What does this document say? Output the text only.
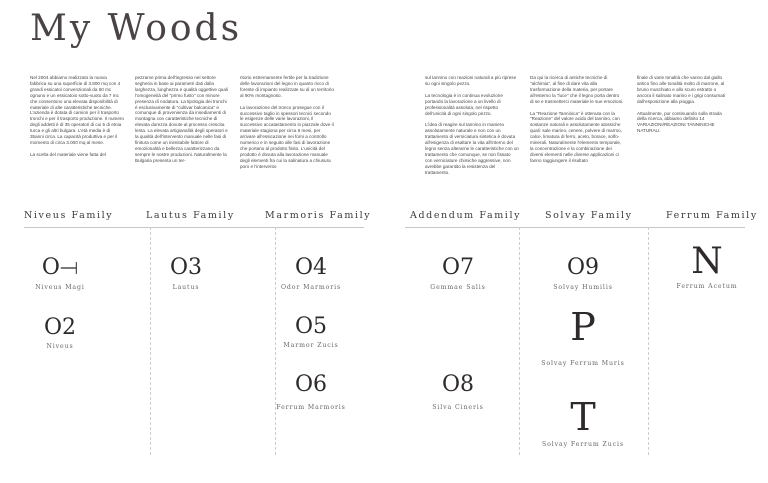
My Woods

Nel 2004 abbiamo realizzato la nuova fabbrica su una superficie di 3.800 mq con 4 grandi essicatoi convenzionali da 60 mc ognuno e un essicatoio sotto-vuoto da 7 mc che consentono una elevata disponibilità di materiale di alte caratteristiche tecniche. L'azienda è dotata di camion per il trasporto tronchi e per il trasporto produzione. Il numero degli addetti è di 35 operatori di cui 5 di etnia turca e gli altri bulgara. L'età media è di 35anni circa. La capacità produttiva e per il momento di circa 3.000 mq al mese.

La scelta del materiale viene fatta del

pezzame prima dell'ingresso nel settore segheria in base ai parametri dati dalla larghezza, lunghezza e qualità oggettive quali l'omogeneità del "primo fusto" con minore presenza di nodatura. La tipologia dei tronchi è esclusivamente di "cultivar balcanica" e comunque di provenienza da insediamenti di montagna con caratteristiche tecniche di elevata durezza dovute al processo crescita lenta. La elevata artigianalità degli operatori e la qualità dell'intervento manuale nelle fasi di finitura come un inimitabile fattore di emozionalità e bellezza caratterizzano da sempre le nostre produzioni. Naturalmente la Bulgaria presenta un ter-

ritorio estremamente fertile per la tradizione delle lavorazioni del legno in quanto ricco di foreste di impianto realizzate su di un territorio al 90% montagnoso.

La lavorazione del tronco prosegue con il successivo taglio in spessori tecnici secondo le esigenze delle varie lavorazioni, il successivo accatastamento in piazzale dove il materiale stagiona per circa 6 mesi, per arrivare all'essicazione nei forni a controllo numerico e in seguito alle fasi di lavorazione che portano al prodotto finito. L'unicità del prodotto è dovuta alla lavorazione manuale degli elementi fra cui la salinatura a chiusura poro e l'intervento

sul tannino con reazioni naturali a più riprese su ogni singolo pezzo.

La tecnologia è in continua evoluzione portando la lavorazione a un livello di professionalità assoluta, nel rispetto dell'unicità di ogni singolo pezzo.

L'idea di reagire sul tannino in maniera assolutamente naturale e non con un trattamento di verniciatura sintetica è dovuta all'esigenza di esaltare la vita all'interno del legno senza alterarne le caratteristiche con un trattamento che comunque, se non fissato con verniciature chimiche aggressive, non avrebbe garantito la resistenza del trattamento.

Da qui la ricerca di antiche tecniche di "alchimia", al fine di dare vita alla trasformazione della materia, per portare all'esterno la "luce" che il legno porta dentro di se e trasmetterci materiale le sue emozioni.

La "Reazione Tanninica" è ottenuta con la "Reazione" del valore acido del tannino, con sostanze naturali e assolutamente atossiche quali: sale marino, cenere, polvere di marmo, calce, limatura di ferro, aceto, borace, solfo-minerali. Naturalmente l'elemento temporale, la concentrazione e la combinazione dei diversi elementi nelle diverse applicazioni ci fanno raggiungere il risultato

finale di varie tonalità che vanno dal giallo antico fino alle tonalità molto di marrone, al bruno muschiato e allo scuro estratto o ancora il salinato marino e i grigi consumati dall'esposizione alla pioggia.

Attualmente, pur continuando sulla strada della ricerca, abbiamo definito 14 VARIAZIONI/REAZIONI TANNINICHE NATURALI.

Niveus Family	Lautus Family	Marmoris Family	Addendum Family	Solvay Family	Ferrum Family
O⟞
Niveus Magi
O2
Niveus
O3
Lautus
O4
Odor Marmoris
O5
Marmor Zucis
O6
Ferrum Marmoris
O7
Gemmae Salis
O8
Silva Cineris
O9
Solvay Humilis
P
Solvay Ferrum Muris
T
Solvay Ferrum Zucis
N
Ferrum Acetum
